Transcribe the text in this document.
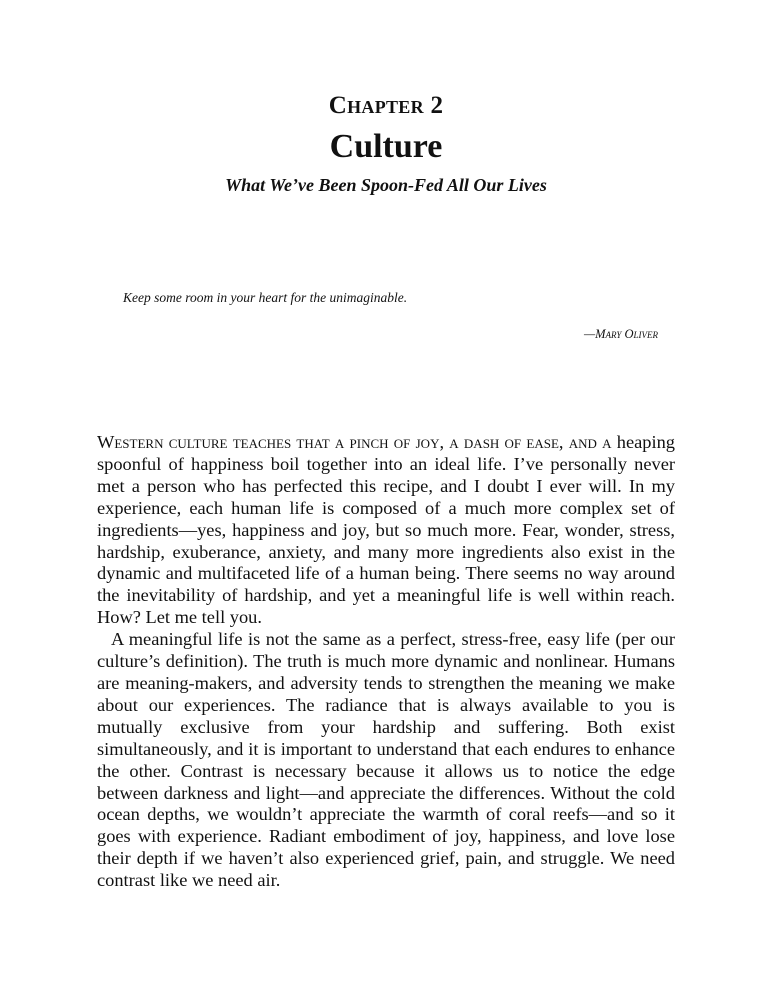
Chapter 2
Culture
What We’ve Been Spoon-Fed All Our Lives
Keep some room in your heart for the unimaginable.
—Mary Oliver

Western culture teaches that a pinch of joy, a dash of ease, and a heaping spoonful of happiness boil together into an ideal life. I’ve personally never met a person who has perfected this recipe, and I doubt I ever will. In my experience, each human life is composed of a much more complex set of ingredients—yes, happiness and joy, but so much more. Fear, wonder, stress, hardship, exuberance, anxiety, and many more ingredients also exist in the dynamic and multifaceted life of a human being. There seems no way around the inevitability of hardship, and yet a meaningful life is well within reach. How? Let me tell you.

A meaningful life is not the same as a perfect, stress-free, easy life (per our culture’s definition). The truth is much more dynamic and nonlinear. Humans are meaning-makers, and adversity tends to strengthen the meaning we make about our experiences. The radiance that is always available to you is mutually exclusive from your hardship and suffering. Both exist simultaneously, and it is important to understand that each endures to enhance the other. Contrast is necessary because it allows us to notice the edge between darkness and light—and appreciate the differences. Without the cold ocean depths, we wouldn’t appreciate the warmth of coral reefs—and so it goes with experience. Radiant embodiment of joy, happiness, and love lose their depth if we haven’t also experienced grief, pain, and struggle. We need contrast like we need air.
